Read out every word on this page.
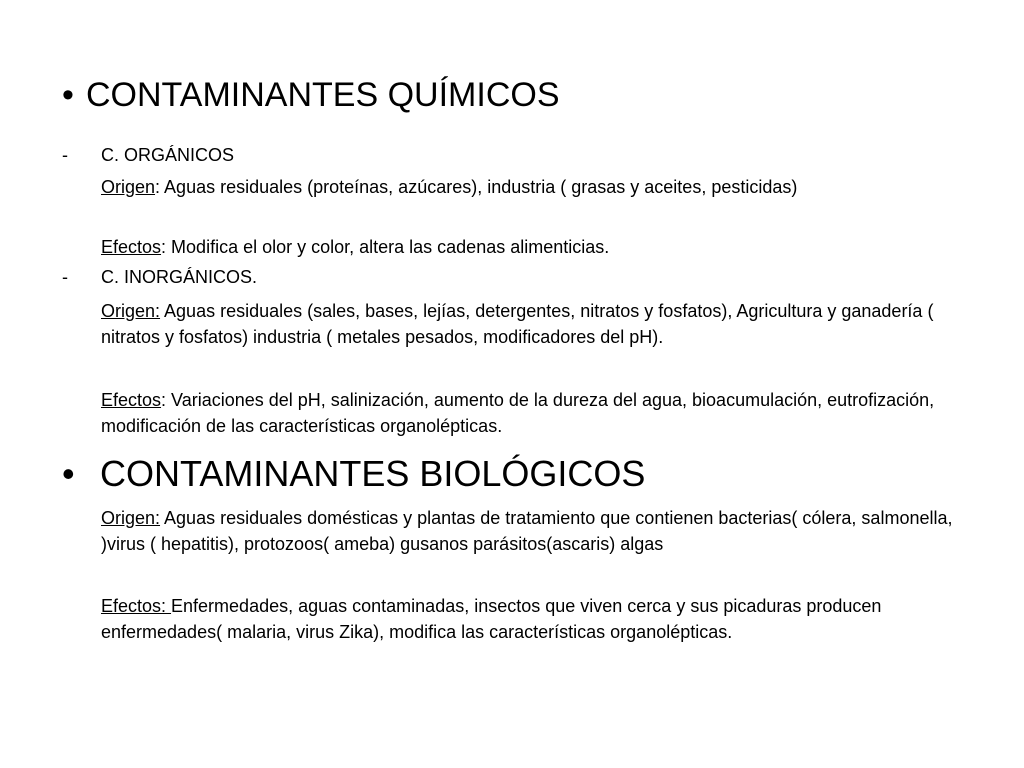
• CONTAMINANTES QUÍMICOS
- C. ORGÁNICOS
Origen: Aguas residuales (proteínas, azúcares), industria ( grasas y aceites, pesticidas)
Efectos: Modifica el olor y color, altera las cadenas alimenticias.
- C. INORGÁNICOS.
Origen: Aguas residuales (sales, bases, lejías, detergentes, nitratos y fosfatos), Agricultura y ganadería ( nitratos y fosfatos) industria ( metales pesados, modificadores del pH).
Efectos: Variaciones del pH, salinización, aumento de la dureza del agua, bioacumulación, eutrofización, modificación de las características organolépticas.
• CONTAMINANTES BIOLÓGICOS
Origen: Aguas residuales domésticas y plantas de tratamiento que contienen bacterias( cólera, salmonella, )virus ( hepatitis), protozoos( ameba) gusanos parásitos(ascaris) algas
Efectos: Enfermedades, aguas contaminadas, insectos que viven cerca y sus picaduras producen enfermedades( malaria, virus Zika), modifica las características organolépticas.
